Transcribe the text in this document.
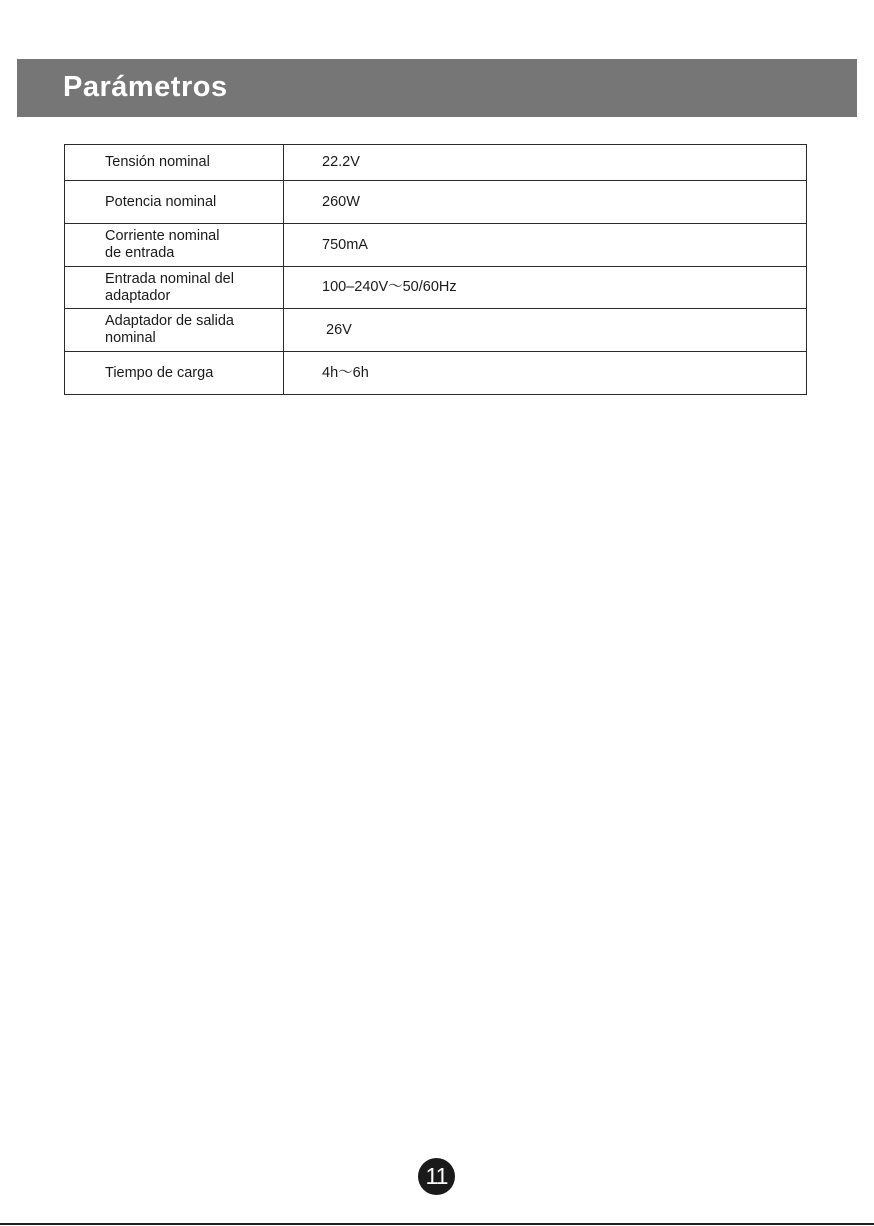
Parámetros
Tensión nominal	22.2V

Potencia nominal	260W

Corriente nominal
de entrada	750mA

Entrada nominal del
adaptador	100–240V～50/60Hz

Adaptador de salida
nominal	26V

Tiempo de carga	4h～6h
11
